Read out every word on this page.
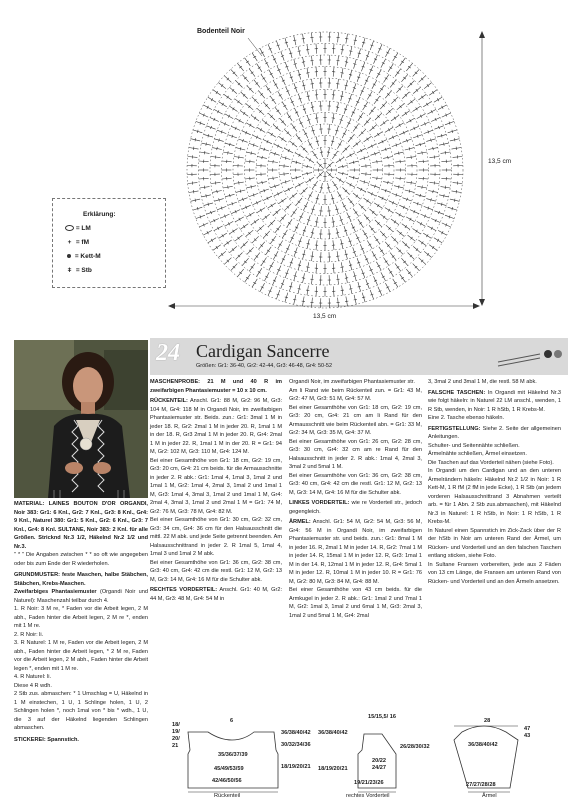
Bodenteil Noir
13,5 cm
13,5 cm
Erklärung:
= LM
+ = fM
= Kett-M
ǂ = Stb
24 Cardigan Sancerre
Größen: Gr1: 36-40, Gr2: 42-44, Gr3: 46-48, Gr4: 50-52

MATERIAL: LAINES BOUTON D'OR ORGANDI, Noir 383: Gr1: 6 Knl., Gr2: 7 Knl., Gr3: 8 Knl., Gr4: 9 Knl., Naturel 380: Gr1: 5 Knl., Gr2: 6 Knl., Gr3: 7 Knl., Gr4: 8 Knl. SULTANE, Noir 383: 2 Knl. für alle Größen. Stricknd Nr.3 1/2, Häkelnd Nr.2 1/2 und Nr.3.

" * " Die Angaben zwischen * * so oft wie angegeben oder bis zum Ende der R wiederholen.

GRUNDMUSTER: feste Maschen, halbe Stäbchen, Stäbchen, Krebs-Maschen.

Zweifarbiges Phantasiemuster (Organdi Noir und Naturel): Maschenzahl teilbar durch 4.

1. R Noir: 3 M re, * Faden vor die Arbeit legen, 2 M abh., Faden hinter die Arbeit legen, 2 M re *, enden mit 1 M re.

2. R Noir: li.

3. R Naturel: 1 M re, Faden vor die Arbeit legen, 2 M abh., Faden hinter die Arbeit legen, * 2 M re, Faden vor die Arbeit legen, 2 M abh., Faden hinter die Arbeit legen *, enden mit 1 M re.

4. R Naturel: li.

Diese 4 R wdh.

2 Stb zus. abmaschen: * 1 Umschlag = U, Häkelnd in 1 M einstechen, 1 U, 1 Schlinge holen, 1 U, 2 Schlingen holen *, noch 1mal von * bis * wdh., 1 U, die 3 auf der Häkelnd liegenden Schlingen abmaschen.

STICKEREI: Spannstich.

MASCHENPROBE: 21 M und 40 R im zweifarbigen Phantasiemuster = 10 x 10 cm.

RÜCKENTEIL: Anschl. Gr1: 88 M, Gr2: 96 M, Gr3: 104 M, Gr4: 118 M in Organdi Noir, im zweifarbigen Phantasiemuster str. Beids. zun.: Gr1: 3mal 1 M in jeder 18. R, Gr2: 2mal 1 M in jeder 20. R, 1mal 1 M in der 18. R, Gr3 2mal 1 M in jeder 20. R, Gr4: 2mal 1 M in jeder 22. R, 1mal 1 M in der 20. R = Gr1: 94 M, Gr2: 102 M, Gr3: 110 M, Gr4: 124 M.

Bei einer Gesamthöhe von Gr1: 18 cm, Gr2: 19 cm, Gr3: 20 cm, Gr4: 21 cm beids. für die Armausschnitte in jeder 2. R abk.: Gr1: 1mal 4, 1mal 3, 1mal 2 und 1mal 1 M, Gr2: 1mal 4, 2mal 3, 1mal 2 und 1mal 1 M, Gr3: 1mal 4, 3mal 3, 1mal 2 und 1mal 1 M, Gr4: 2mal 4, 3mal 3, 1mal 2 und 2mal 1 M = Gr1: 74 M, Gr2: 76 M, Gr3: 78 M, Gr4: 82 M.

Bei einer Gesamthöhe von Gr1: 30 cm, Gr2: 32 cm, Gr3: 34 cm, Gr4: 36 cm für den Halsausschnitt die mittl. 22 M abk. und jede Seite getrennt beenden. Am Halsausschnittrand in jeder 2. R 1mal 5, 1mal 4, 1mal 3 und 1mal 2 M abk.

Bei einer Gesamthöhe von Gr1: 36 cm, Gr2: 38 cm, Gr3: 40 cm, Gr4: 42 cm die restl. Gr1: 12 M, Gr2: 13 M, Gr3: 14 M, Gr4: 16 M für die Schulter abk.

RECHTES VORDERTEIL: Anschl. Gr1: 40 M, Gr2: 44 M, Gr3: 48 M, Gr4: 54 M in

Organdi Noir, im zweifarbigen Phantasiemuster str.

Am li Rand wie beim Rückenteil zun. = Gr1: 43 M, Gr2: 47 M, Gr3: 51 M, Gr4: 57 M.

Bei einer Gesamthöhe von Gr1: 18 cm, Gr2: 19 cm, Gr3: 20 cm, Gr4: 21 cm am li Rand für den Armausschnitt wie beim Rückenteil abn. = Gr1: 33 M, Gr2: 34 M, Gr3: 35 M, Gr4: 37 M.

Bei einer Gesamthöhe von Gr1: 26 cm, Gr2: 28 cm, Gr3: 30 cm, Gr4: 32 cm am re Rand für den Halsausschnitt in jeder 2. R abk.: 1mal 4, 2mal 3, 3mal 2 und 5mal 1 M.

Bei einer Gesamthöhe von Gr1: 36 cm, Gr2: 38 cm, Gr3: 40 cm, Gr4: 42 cm die restl. Gr1: 12 M, Gr2: 13 M, Gr3: 14 M, Gr4: 16 M für die Schulter abk.

LINKES VORDERTEIL: wie re Vorderteil str., jedoch gegengleich.

ÄRMEL: Anschl. Gr1: 54 M, Gr2: 54 M, Gr3: 56 M, Gr4: 56 M in Organdi Noir, im zweifarbigen Phantasiemuster str. und beids. zun.: Gr1: 8mal 1 M in jeder 16. R, 2mal 1 M in jeder 14. R, Gr2: 7mal 1 M in jeder 14. R, 15mal 1 M in jeder 12. R, Gr3: 1mal 1 M in der 14. R, 12mal 1 M in jeder 12. R, Gr4: 5mal 1 M in jeder 12. R, 10mal 1 M in jeder 10. R = Gr1: 76 M, Gr2: 80 M, Gr3: 84 M, Gr4: 88 M.

Bei einer Gesamthöhe von 43 cm beids. für die Armkugel in jeder 2. R abk.: Gr1: 1mal 2 und 7mal 1 M, Gr2: 1mal 3, 1mal 2 und 6mal 1 M, Gr3: 2mal 3, 1mal 2 und 5mal 1 M, Gr4: 2mal

3, 3mal 2 und 3mal 1 M, die restl. 58 M abk.

FALSCHE TASCHEN: In Organdi mit Häkelnd Nr.3 wie folgt häkeln: in Naturel 22 LM anschl., wenden, 1 R Stb, wenden, in Noir: 1 R hStb, 1 R Krebs-M.

Eine 2. Tasche ebenso häkeln.

FERTIGSTELLUNG: Siehe 2. Seite der allgemeinen Anleitungen.

Schulter- und Seitennähte schließen.

Ärmelnähte schließen, Ärmel einsetzen.

Die Taschen auf das Vorderteil nähen (siehe Foto).

In Organdi um den Cardigan und an den unteren Ärmelrändern häkeln: Häkelnd Nr.2 1/2 in Noir: 1 R Kett-M, 1 R fM (2 fM in jede Ecke), 1 R Stb (an jedem vorderen Halsausschnittrand 3 Abnahmen verteilt arb. = für 1 Abn. 2 Stb zus.abmaschen), mit Häkelnd Nr.3 in Naturel: 1 R hStb, in Noir: 1 R hStb, 1 R Krebs-M.

In Naturel einen Spannstich im Zick-Zack über der R der hStb in Noir am unteren Rand der Ärmel, um Rücken- und Vorderteil und an den falschen Taschen entlang sticken, siehe Foto.

In Sultane Fransen vorbereiten, jede aus 2 Fäden von 13 cm Länge, die Fransen am unteren Rand von Rücken- und Vorderteil und an den Ärmeln ansetzen.

18/ 19/ 20/ 21
35/36/37/39
45/49/53/59
42/46/50/56
36/38/40/42
30/32/34/36
18/19/20/21
6
Rückenteil
15/15,5/ 16
20/22 24/27
26/28/30/32
36/38/40/42
18/19/20/21
19/21/23/26
rechtes Vorderteil
28
47
43
36/38/40/42
27/27/28/28
Ärmel
